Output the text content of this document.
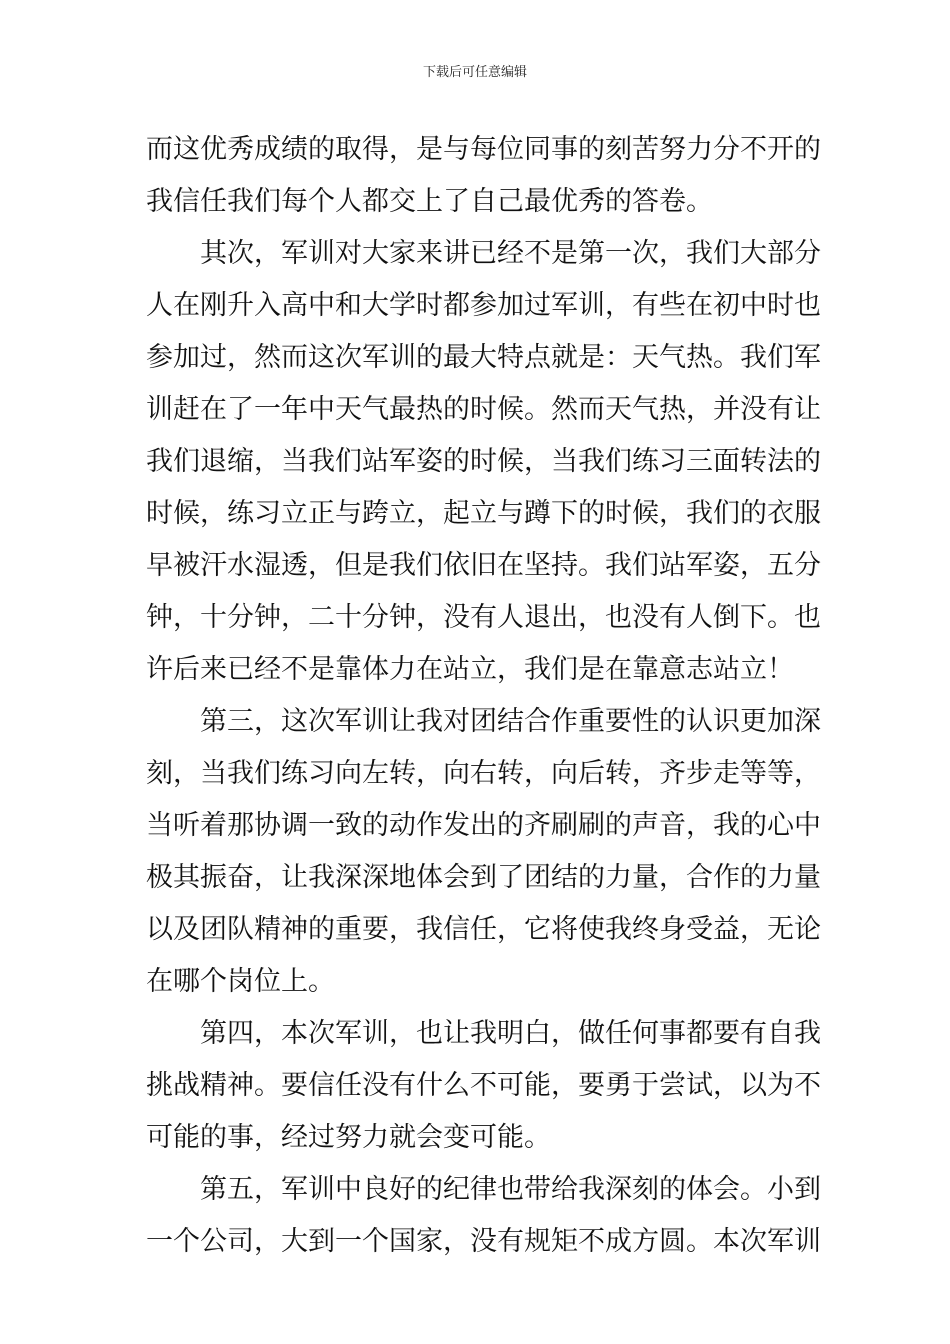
下载后可任意编辑
而这优秀成绩的取得，是与每位同事的刻苦努力分不开的
我信任我们每个人都交上了自己最优秀的答卷。
其次，军训对大家来讲已经不是第一次，我们大部分
人在刚升入高中和大学时都参加过军训，有些在初中时也
参加过，然而这次军训的最大特点就是：天气热。我们军
训赶在了一年中天气最热的时候。然而天气热，并没有让
我们退缩，当我们站军姿的时候，当我们练习三面转法的
时候，练习立正与跨立，起立与蹲下的时候，我们的衣服
早被汗水湿透，但是我们依旧在坚持。我们站军姿，五分
钟，十分钟，二十分钟，没有人退出，也没有人倒下。也
许后来已经不是靠体力在站立，我们是在靠意志站立！
第三，这次军训让我对团结合作重要性的认识更加深
刻，当我们练习向左转，向右转，向后转，齐步走等等，
当听着那协调一致的动作发出的齐刷刷的声音，我的心中
极其振奋，让我深深地体会到了团结的力量，合作的力量
以及团队精神的重要，我信任，它将使我终身受益，无论
在哪个岗位上。
第四，本次军训，也让我明白，做任何事都要有自我
挑战精神。要信任没有什么不可能，要勇于尝试，以为不
可能的事，经过努力就会变可能。
第五，军训中良好的纪律也带给我深刻的体会。小到
一个公司，大到一个国家，没有规矩不成方圆。本次军训
